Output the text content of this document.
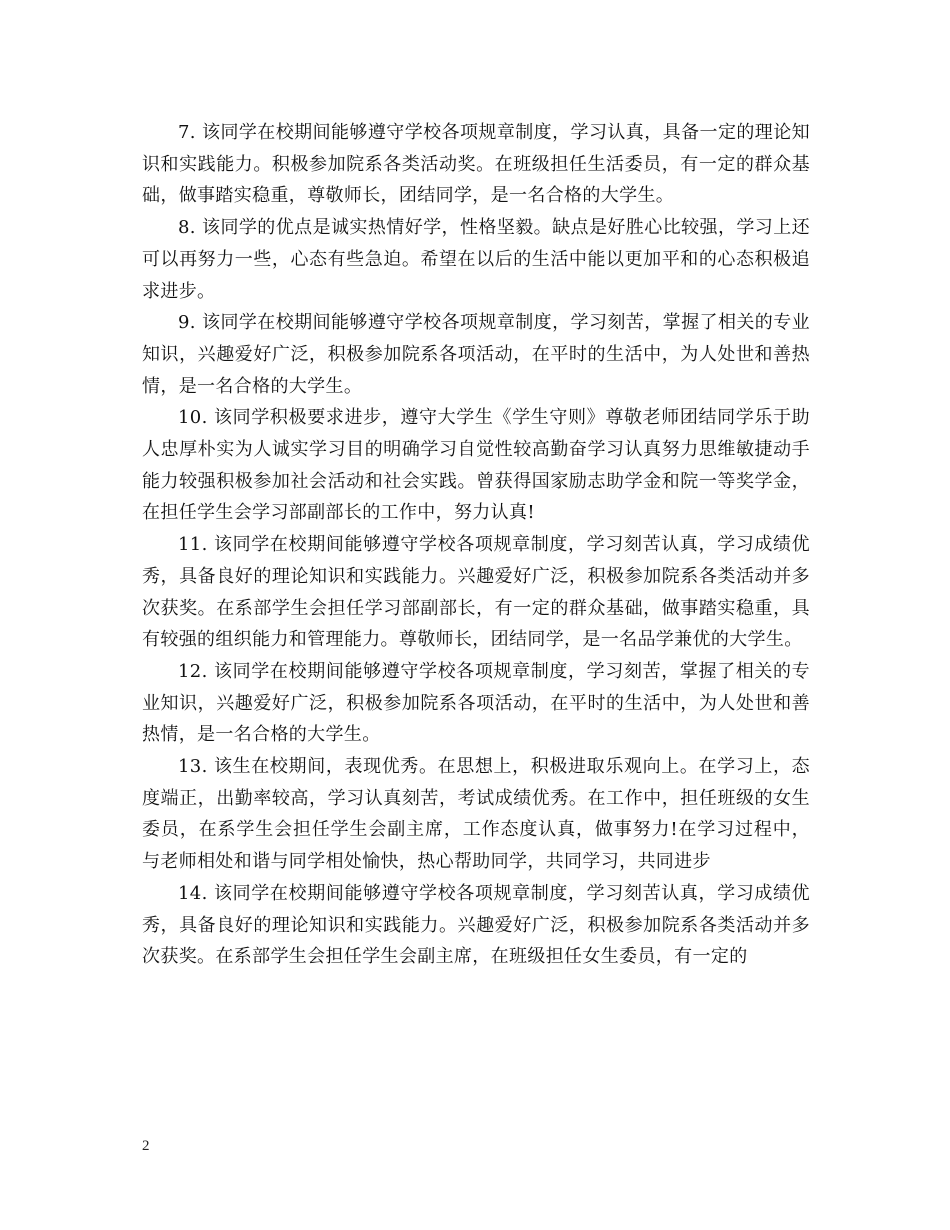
7. 该同学在校期间能够遵守学校各项规章制度，学习认真，具备一定的理论知识和实践能力。积极参加院系各类活动奖。在班级担任生活委员，有一定的群众基础，做事踏实稳重，尊敬师长，团结同学，是一名合格的大学生。

8. 该同学的优点是诚实热情好学，性格坚毅。缺点是好胜心比较强，学习上还可以再努力一些，心态有些急迫。希望在以后的生活中能以更加平和的心态积极追求进步。

9. 该同学在校期间能够遵守学校各项规章制度，学习刻苦，掌握了相关的专业知识，兴趣爱好广泛，积极参加院系各项活动，在平时的生活中，为人处世和善热情，是一名合格的大学生。

10. 该同学积极要求进步，遵守大学生《学生守则》尊敬老师团结同学乐于助人忠厚朴实为人诚实学习目的明确学习自觉性较高勤奋学习认真努力思维敏捷动手能力较强积极参加社会活动和社会实践。曾获得国家励志助学金和院一等奖学金，在担任学生会学习部副部长的工作中，努力认真!

11. 该同学在校期间能够遵守学校各项规章制度，学习刻苦认真，学习成绩优秀，具备良好的理论知识和实践能力。兴趣爱好广泛，积极参加院系各类活动并多次获奖。在系部学生会担任学习部副部长，有一定的群众基础，做事踏实稳重，具有较强的组织能力和管理能力。尊敬师长，团结同学，是一名品学兼优的大学生。

12. 该同学在校期间能够遵守学校各项规章制度，学习刻苦，掌握了相关的专业知识，兴趣爱好广泛，积极参加院系各项活动，在平时的生活中，为人处世和善热情，是一名合格的大学生。

13. 该生在校期间，表现优秀。在思想上，积极进取乐观向上。在学习上，态度端正，出勤率较高，学习认真刻苦，考试成绩优秀。在工作中，担任班级的女生委员，在系学生会担任学生会副主席，工作态度认真，做事努力!在学习过程中，与老师相处和谐与同学相处愉快，热心帮助同学，共同学习，共同进步

14. 该同学在校期间能够遵守学校各项规章制度，学习刻苦认真，学习成绩优秀，具备良好的理论知识和实践能力。兴趣爱好广泛，积极参加院系各类活动并多次获奖。在系部学生会担任学生会副主席，在班级担任女生委员，有一定的

2
